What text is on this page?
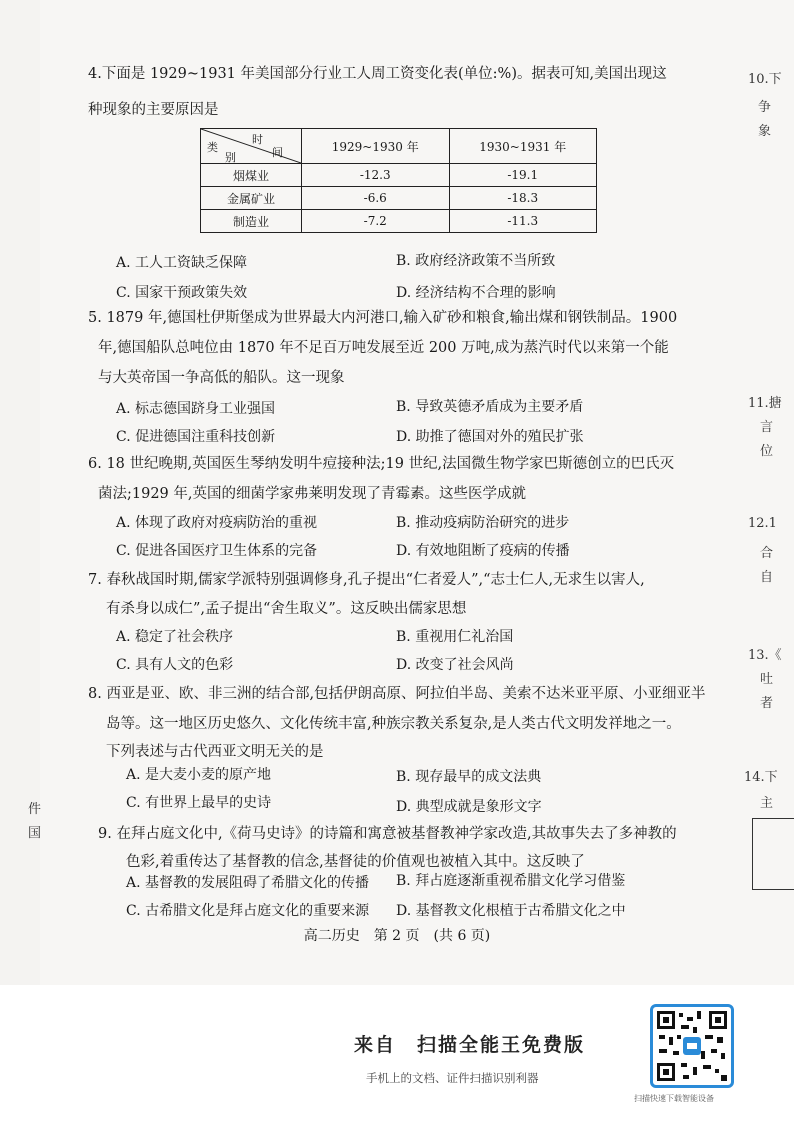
4.下面是 1929~1931 年美国部分行业工人周工资变化表(单位:%)。据表可知,美国出现这
种现象的主要原因是
时
间
类
别	1929~1930 年	1930~1931 年
烟煤业	-12.3	-19.1
金属矿业	-6.6	-18.3
制造业	-7.2	-11.3
A. 工人工资缺乏保障	B. 政府经济政策不当所致
C. 国家干预政策失效	D. 经济结构不合理的影响
5. 1879 年,德国杜伊斯堡成为世界最大内河港口,输入矿砂和粮食,输出煤和钢铁制品。1900
年,德国船队总吨位由 1870 年不足百万吨发展至近 200 万吨,成为蒸汽时代以来第一个能
与大英帝国一争高低的船队。这一现象
A. 标志德国跻身工业强国	B. 导致英德矛盾成为主要矛盾
C. 促进德国注重科技创新	D. 助推了德国对外的殖民扩张
6. 18 世纪晚期,英国医生琴纳发明牛痘接种法;19 世纪,法国微生物学家巴斯德创立的巴氏灭
菌法;1929 年,英国的细菌学家弗莱明发现了青霉素。这些医学成就
A. 体现了政府对疫病防治的重视	B. 推动疫病防治研究的进步
C. 促进各国医疗卫生体系的完备	D. 有效地阻断了疫病的传播
7. 春秋战国时期,儒家学派特别强调修身,孔子提出“仁者爱人”,“志士仁人,无求生以害人,
有杀身以成仁”,孟子提出“舍生取义”。这反映出儒家思想
A. 稳定了社会秩序	B. 重视用仁礼治国
C. 具有人文的色彩	D. 改变了社会风尚
8. 西亚是亚、欧、非三洲的结合部,包括伊朗高原、阿拉伯半岛、美索不达米亚平原、小亚细亚半
岛等。这一地区历史悠久、文化传统丰富,种族宗教关系复杂,是人类古代文明发祥地之一。
下列表述与古代西亚文明无关的是
A. 是大麦小麦的原产地	B. 现存最早的成文法典
C. 有世界上最早的史诗	D. 典型成就是象形文字
9. 在拜占庭文化中,《荷马史诗》的诗篇和寓意被基督教神学家改造,其故事失去了多神教的
色彩,着重传达了基督教的信念,基督徒的价值观也被植入其中。这反映了
A. 基督教的发展阻碍了希腊文化的传播 B. 拜占庭逐渐重视希腊文化学习借鉴
C. 古希腊文化是拜占庭文化的重要来源 D. 基督教文化根植于古希腊文化之中
高二历史　第 2 页　(共 6 页)
10.下
争
象
11.搪
言
位
12.1
合
自
13.《
吐
者
14.下
主
件
国
来自　扫描全能王免费版
手机上的文档、证件扫描识别利器
扫描快速下载智能设备
